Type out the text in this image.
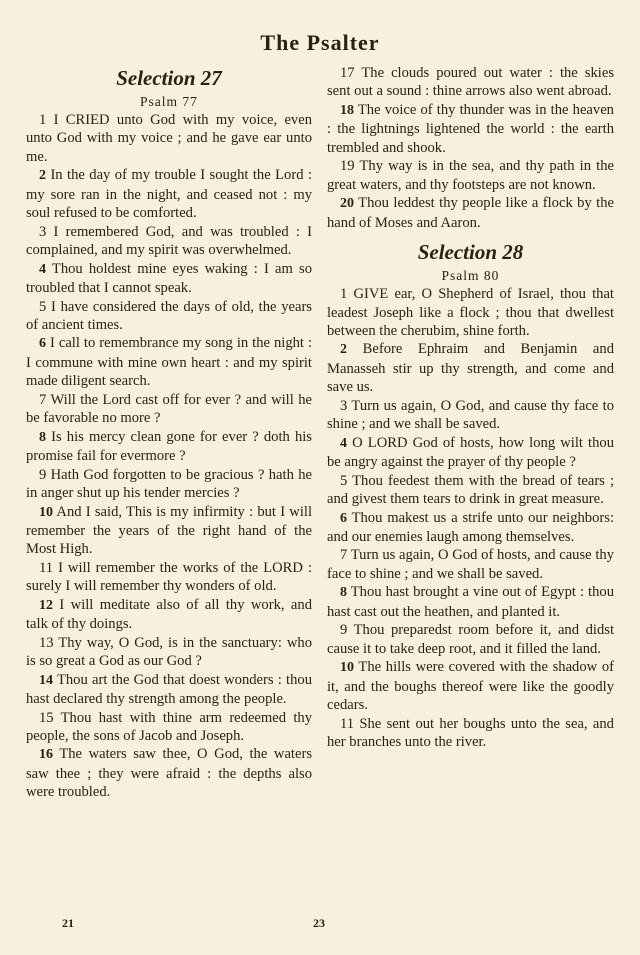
The Psalter

Selection 27

Psalm 77

1 I CRIED unto God with my voice, even unto God with my voice ; and he gave ear unto me.

2 In the day of my trouble I sought the Lord : my sore ran in the night, and ceased not : my soul refused to be comforted.

3 I remembered God, and was troubled : I complained, and my spirit was overwhelmed.

4 Thou holdest mine eyes waking : I am so troubled that I cannot speak.

5 I have considered the days of old, the years of ancient times.

6 I call to remembrance my song in the night : I commune with mine own heart : and my spirit made diligent search.

7 Will the Lord cast off for ever ? and will he be favorable no more ?

8 Is his mercy clean gone for ever ? doth his promise fail for evermore ?

9 Hath God forgotten to be gracious ? hath he in anger shut up his tender mercies ?

10 And I said, This is my infirmity : but I will remember the years of the right hand of the Most High.

11 I will remember the works of the LORD : surely I will remember thy wonders of old.

12 I will meditate also of all thy work, and talk of thy doings.

13 Thy way, O God, is in the sanctuary: who is so great a God as our God ?

14 Thou art the God that doest wonders : thou hast declared thy strength among the people.

15 Thou hast with thine arm redeemed thy people, the sons of Jacob and Joseph.

16 The waters saw thee, O God, the waters saw thee ; they were afraid : the depths also were troubled.

17 The clouds poured out water : the skies sent out a sound : thine arrows also went abroad.

18 The voice of thy thunder was in the heaven : the lightnings lightened the world : the earth trembled and shook.

19 Thy way is in the sea, and thy path in the great waters, and thy footsteps are not known.

20 Thou leddest thy people like a flock by the hand of Moses and Aaron.

Selection 28

Psalm 80

1 GIVE ear, O Shepherd of Israel, thou that leadest Joseph like a flock ; thou that dwellest between the cherubim, shine forth.

2 Before Ephraim and Benjamin and Manasseh stir up thy strength, and come and save us.

3 Turn us again, O God, and cause thy face to shine ; and we shall be saved.

4 O LORD God of hosts, how long wilt thou be angry against the prayer of thy people ?

5 Thou feedest them with the bread of tears ; and givest them tears to drink in great measure.

6 Thou makest us a strife unto our neighbors: and our enemies laugh among themselves.

7 Turn us again, O God of hosts, and cause thy face to shine ; and we shall be saved.

8 Thou hast brought a vine out of Egypt : thou hast cast out the heathen, and planted it.

9 Thou preparedst room before it, and didst cause it to take deep root, and it filled the land.

10 The hills were covered with the shadow of it, and the boughs thereof were like the goodly cedars.

11 She sent out her boughs unto the sea, and her branches unto the river.

21	23
